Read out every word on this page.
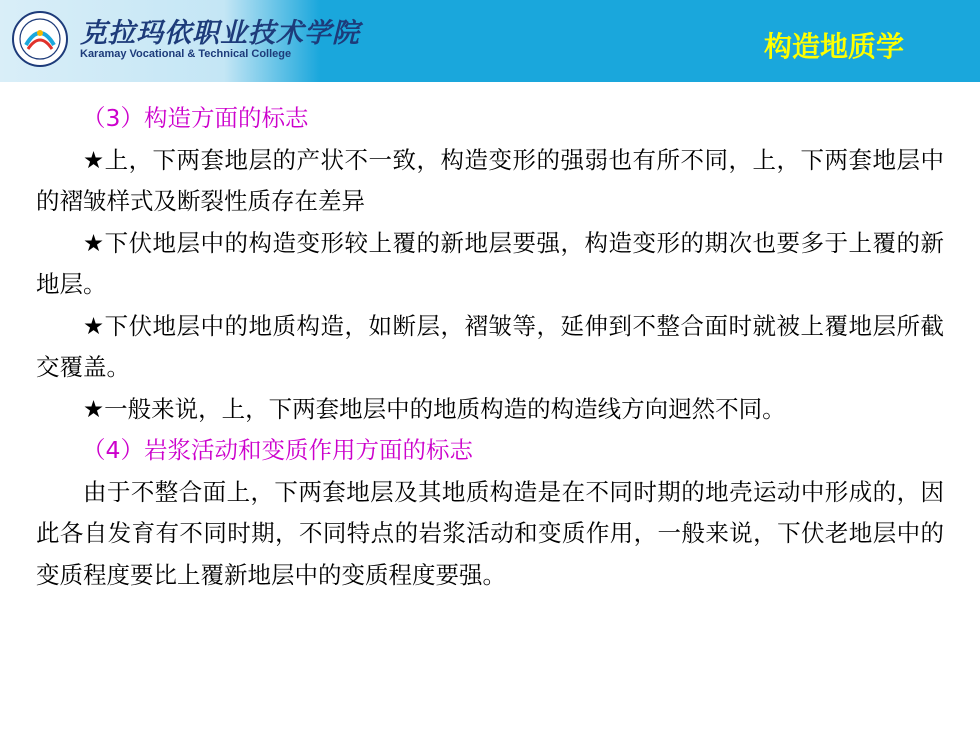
克拉玛依职业技术学院
Karamay Vocational & Technical College	构造地质学

（3）构造方面的标志

★上，下两套地层的产状不一致，构造变形的强弱也有所不同，上，下两套地层中的褶皱样式及断裂性质存在差异

★下伏地层中的构造变形较上覆的新地层要强，构造变形的期次也要多于上覆的新地层。

★下伏地层中的地质构造，如断层，褶皱等，延伸到不整合面时就被上覆地层所截交覆盖。

★一般来说，上，下两套地层中的地质构造的构造线方向迥然不同。

（4）岩浆活动和变质作用方面的标志

由于不整合面上，下两套地层及其地质构造是在不同时期的地壳运动中形成的，因此各自发育有不同时期，不同特点的岩浆活动和变质作用，一般来说，下伏老地层中的变质程度要比上覆新地层中的变质程度要强。
